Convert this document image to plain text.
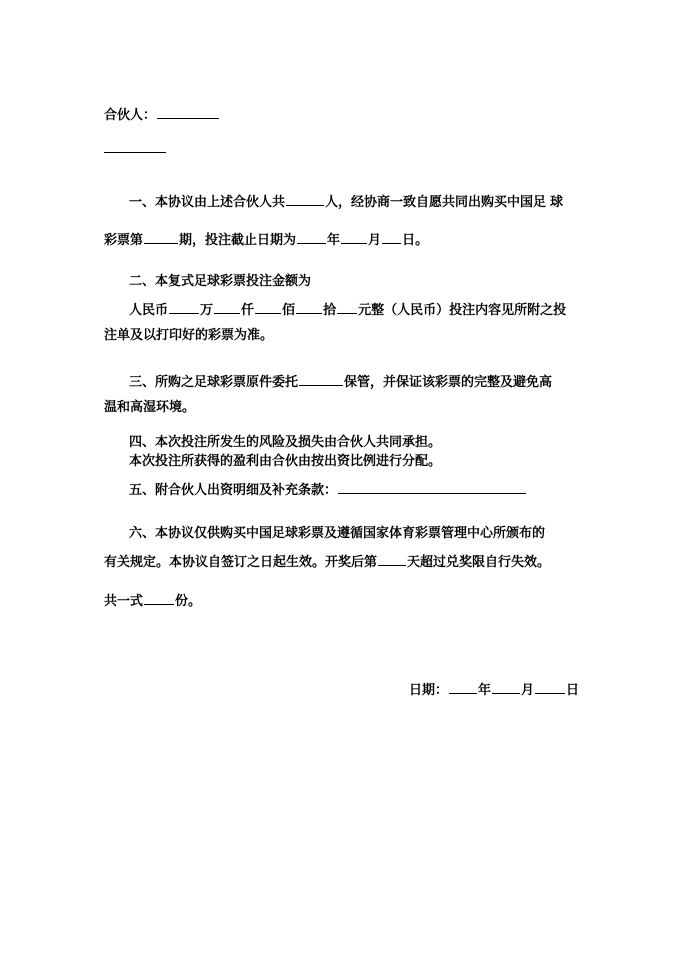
合伙人：
一、本协议由上述合伙人共	人，经协商一致自愿共同出购买中国足 球
彩票第	期，投注截止日期为 年 月 日。
二、本复式足球彩票投注金额为
人民币 万 仟 佰 拾 元整（人民币）投注内容见所附之投
注单及以打印好的彩票为准。
三、所购之足球彩票原件委托	保管，并保证该彩票的完整及避免高
温和高湿环境。
四、本次投注所发生的风险及损失由合伙人共同承担。
本次投注所获得的盈利由合伙由按出资比例进行分配。
五、附合伙人出资明细及补充条款：
六、本协议仅供购买中国足球彩票及遵循国家体育彩票管理中心所颁布的
有关规定。本协议自签订之日起生效。开奖后第 天超过兑奖限自行失效。
共一式 份。
日期： 年 月 日
